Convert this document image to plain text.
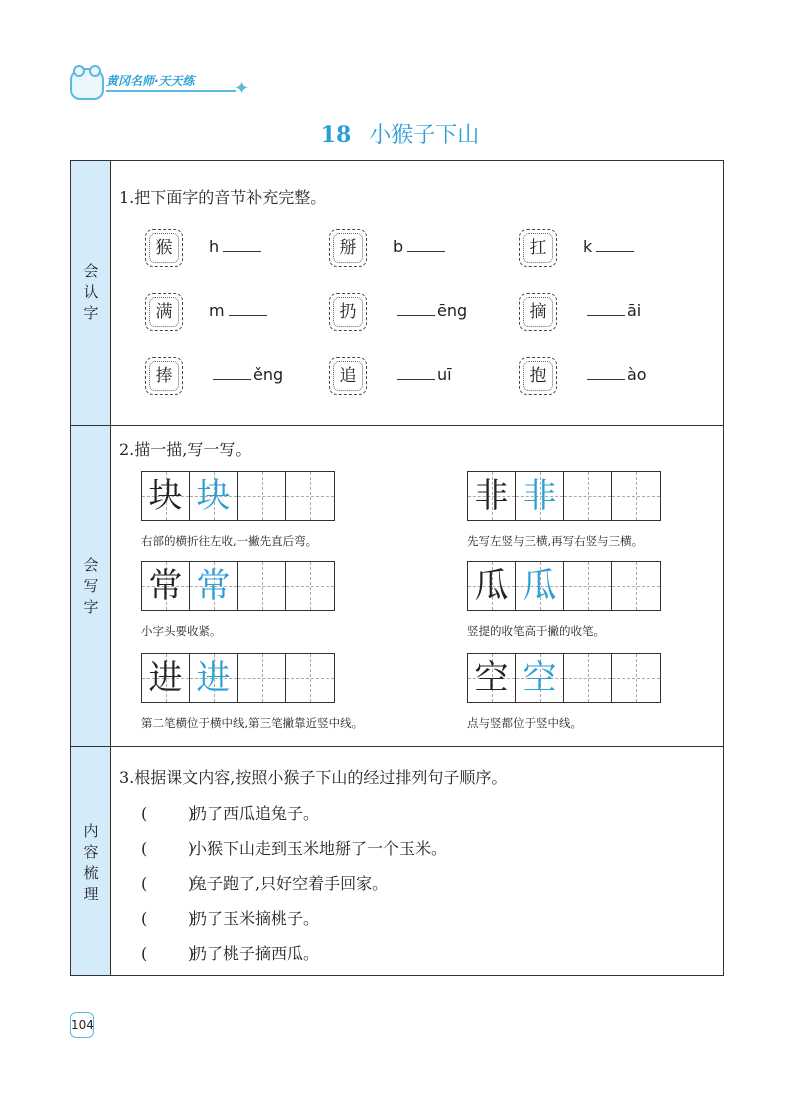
黄冈名师·天天练 ✦
18 小猴子下山
会认字
会写字
内容
梳理
1.把下面字的音节补充完整。
猴	h	掰	b	扛	k
满	m	扔	ēng	摘	āi
捧	ěng	追	uī	抱	ào
2.描一描,写一写。
块 块
右部的横折往左收,一撇先直后弯。
非 非
先写左竖与三横,再写右竖与三横。
常 常
小字头要收紧。
瓜 瓜
竖提的收笔高于撇的收笔。
进 进
第二笔横位于横中线,第三笔撇靠近竖中线。
空 空
点与竖都位于竖中线。
3.根据课文内容,按照小猴子下山的经过排列句子顺序。
(        )扔了西瓜追兔子。
(        )小猴下山走到玉米地掰了一个玉米。
(        )兔子跑了,只好空着手回家。
(        )扔了玉米摘桃子。
(        )扔了桃子摘西瓜。
104
